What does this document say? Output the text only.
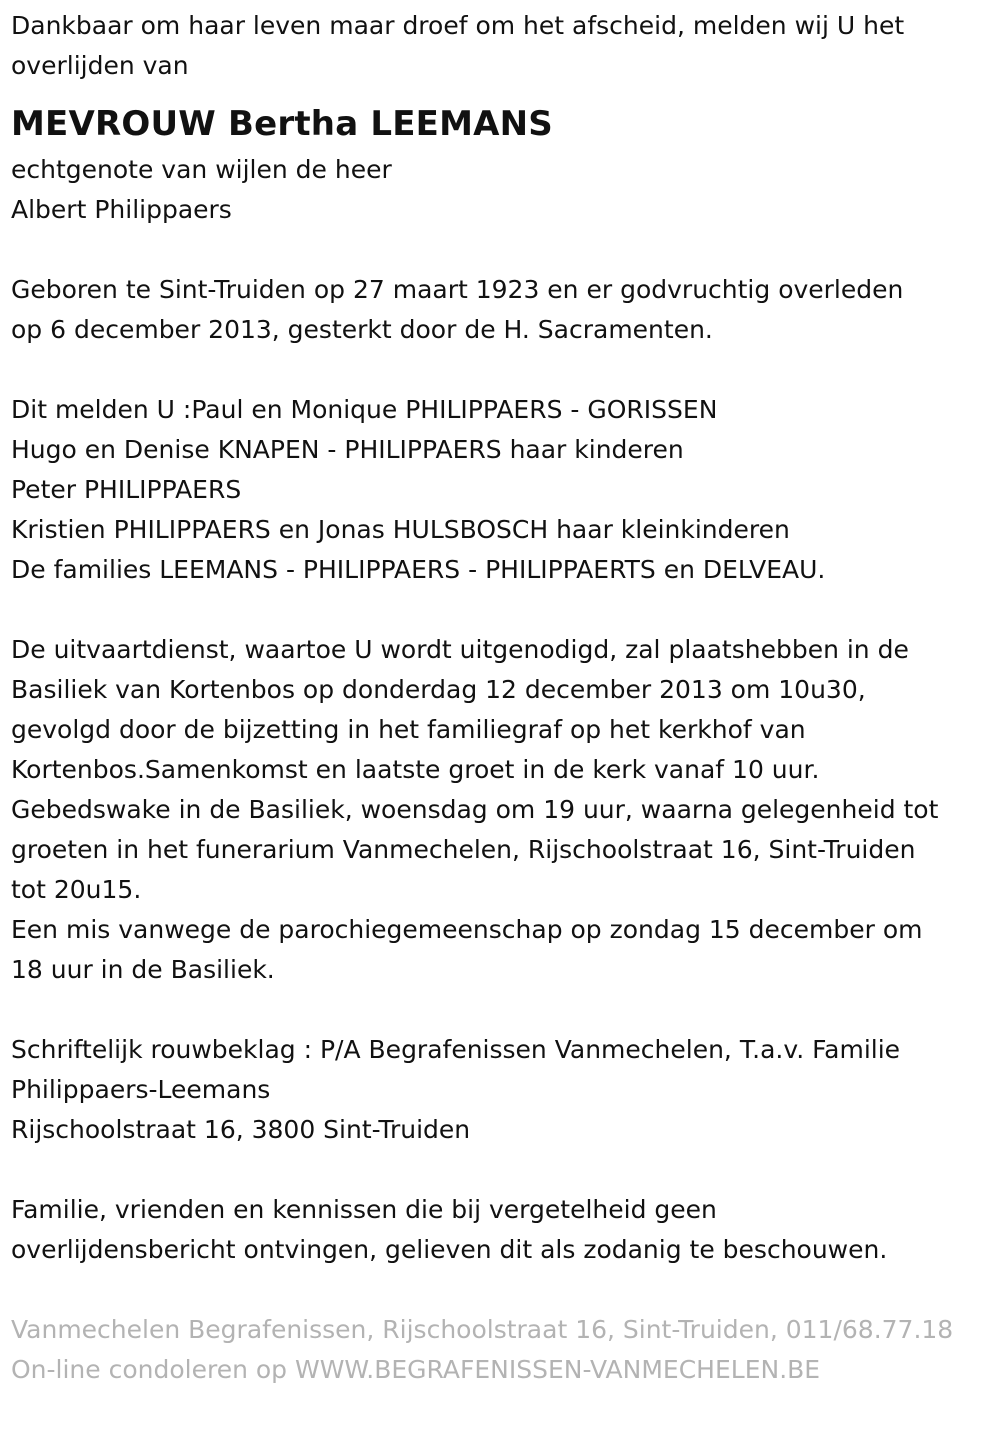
Dankbaar om haar leven maar droef om het afscheid, melden wij U het

overlijden van

MEVROUW Bertha LEEMANS

echtgenote van wijlen de heer

Albert Philippaers

Geboren te Sint-Truiden op 27 maart 1923 en er godvruchtig overleden

op 6 december 2013, gesterkt door de H. Sacramenten.

Dit melden U :Paul en Monique PHILIPPAERS - GORISSEN

Hugo en Denise KNAPEN - PHILIPPAERS haar kinderen

Peter PHILIPPAERS

Kristien PHILIPPAERS en Jonas HULSBOSCH haar kleinkinderen

De families LEEMANS - PHILIPPAERS - PHILIPPAERTS en DELVEAU.

De uitvaartdienst, waartoe U wordt uitgenodigd, zal plaatshebben in de

Basiliek van Kortenbos op donderdag 12 december 2013 om 10u30,

gevolgd door de bijzetting in het familiegraf op het kerkhof van

Kortenbos.Samenkomst en laatste groet in de kerk vanaf 10 uur.

Gebedswake in de Basiliek, woensdag om 19 uur, waarna gelegenheid tot

groeten in het funerarium Vanmechelen, Rijschoolstraat 16, Sint-Truiden

tot 20u15.

Een mis vanwege de parochiegemeenschap op zondag 15 december om

18 uur in de Basiliek.

Schriftelijk rouwbeklag : P/A Begrafenissen Vanmechelen, T.a.v. Familie

Philippaers-Leemans

Rijschoolstraat 16, 3800 Sint-Truiden

Familie, vrienden en kennissen die bij vergetelheid geen

overlijdensbericht ontvingen, gelieven dit als zodanig te beschouwen.

Vanmechelen Begrafenissen, Rijschoolstraat 16, Sint-Truiden, 011/68.77.18

On-line condoleren op WWW.BEGRAFENISSEN-VANMECHELEN.BE
